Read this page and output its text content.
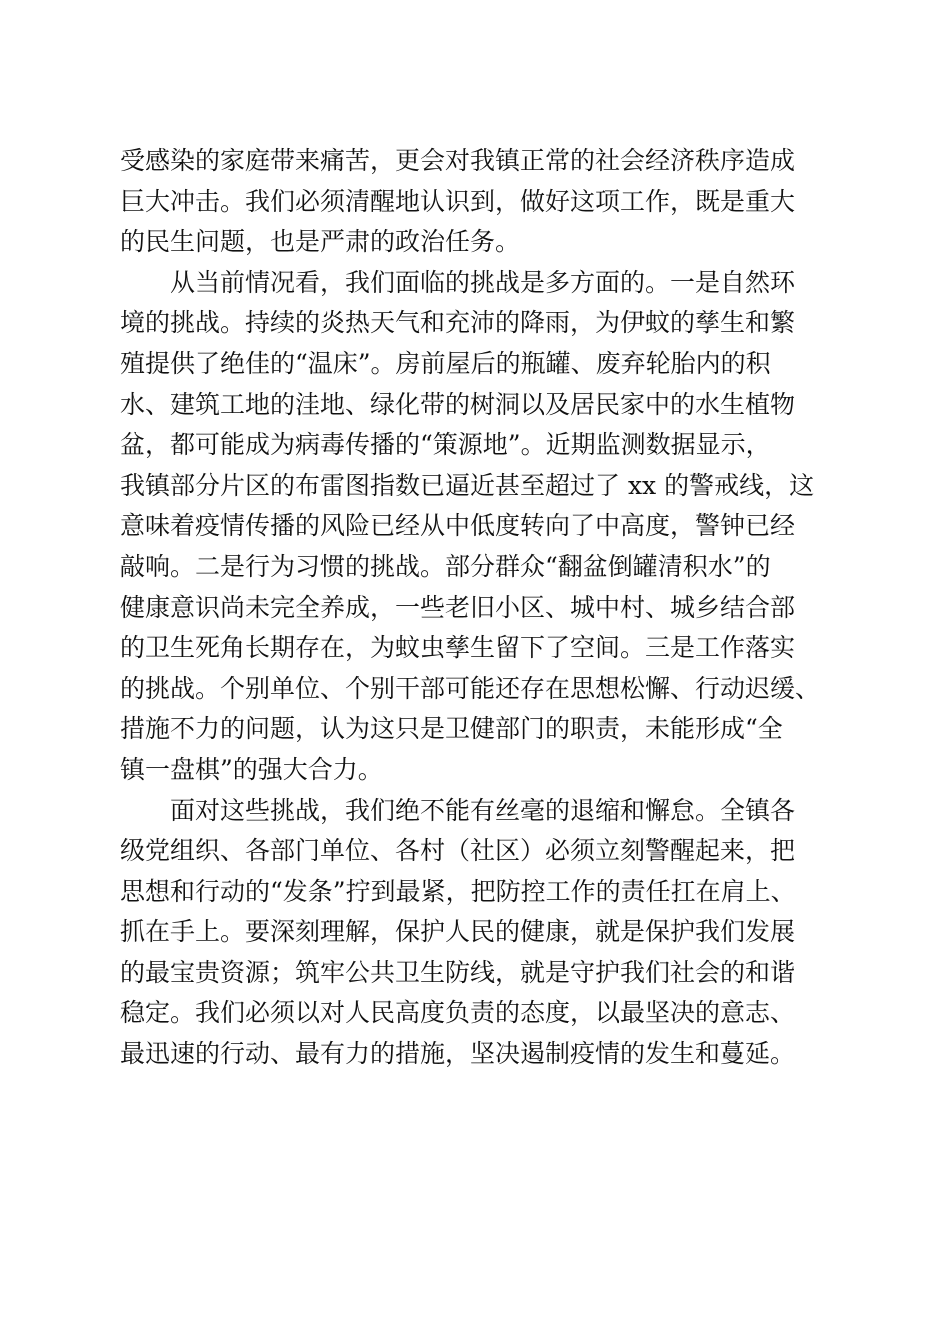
受感染的家庭带来痛苦，更会对我镇正常的社会经济秩序造成
巨大冲击。我们必须清醒地认识到，做好这项工作，既是重大
的民生问题，也是严肃的政治任务。
从当前情况看，我们面临的挑战是多方面的。一是自然环
境的挑战。持续的炎热天气和充沛的降雨，为伊蚊的孳生和繁
殖提供了绝佳的“温床”。房前屋后的瓶罐、废弃轮胎内的积
水、建筑工地的洼地、绿化带的树洞以及居民家中的水生植物
盆，都可能成为病毒传播的“策源地”。近期监测数据显示，
我镇部分片区的布雷图指数已逼近甚至超过了 xx 的警戒线，这
意味着疫情传播的风险已经从中低度转向了中高度，警钟已经
敲响。二是行为习惯的挑战。部分群众“翻盆倒罐清积水”的
健康意识尚未完全养成，一些老旧小区、城中村、城乡结合部
的卫生死角长期存在，为蚊虫孳生留下了空间。三是工作落实
的挑战。个别单位、个别干部可能还存在思想松懈、行动迟缓、
措施不力的问题，认为这只是卫健部门的职责，未能形成“全
镇一盘棋”的强大合力。
面对这些挑战，我们绝不能有丝毫的退缩和懈怠。全镇各
级党组织、各部门单位、各村（社区）必须立刻警醒起来，把
思想和行动的“发条”拧到最紧，把防控工作的责任扛在肩上、
抓在手上。要深刻理解，保护人民的健康，就是保护我们发展
的最宝贵资源；筑牢公共卫生防线，就是守护我们社会的和谐
稳定。我们必须以对人民高度负责的态度，以最坚决的意志、
最迅速的行动、最有力的措施，坚决遏制疫情的发生和蔓延。
